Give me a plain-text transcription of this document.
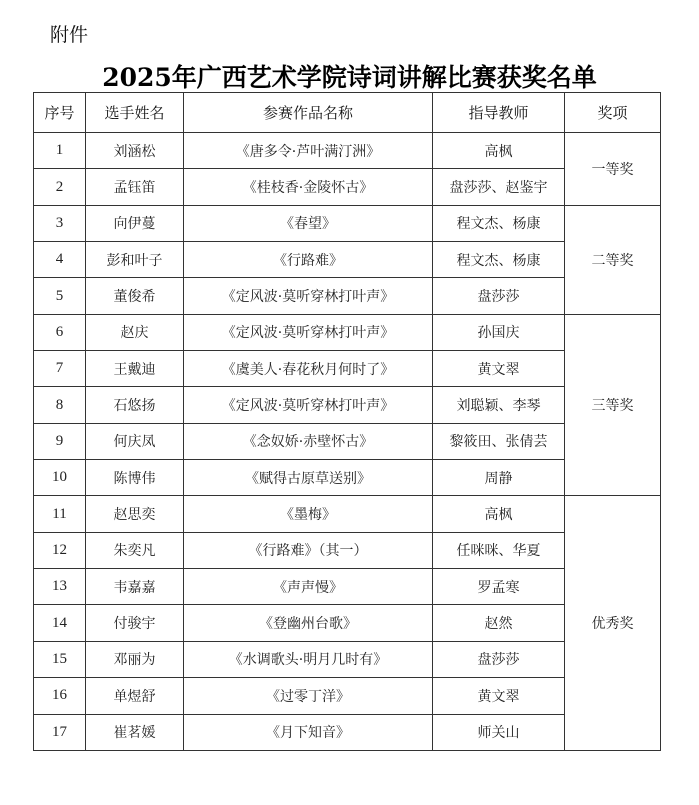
附件
2025年广西艺术学院诗词讲解比赛获奖名单
序号	选手姓名	参赛作品名称	指导教师	奖项
1	刘涵松	《唐多令·芦叶满汀洲》	高枫	一等奖
2	孟钰笛	《桂枝香·金陵怀古》	盘莎莎、赵鉴宇	
3	向伊蔓	《春望》	程文杰、杨康	二等奖
4	彭和叶子	《行路难》	程文杰、杨康	
5	董俊希	《定风波·莫听穿林打叶声》	盘莎莎	
6	赵庆	《定风波·莫听穿林打叶声》	孙国庆	三等奖
7	王戴迪	《虞美人·春花秋月何时了》	黄文翠	
8	石悠扬	《定风波·莫听穿林打叶声》	刘聪颖、李琴	
9	何庆凤	《念奴娇·赤壁怀古》	黎筱田、张倩芸	
10	陈博伟	《赋得古原草送别》	周静	
11	赵思奕	《墨梅》	高枫	优秀奖
12	朱奕凡	《行路难》（其一）	任咪咪、华夏	
13	韦嘉嘉	《声声慢》	罗孟寒	
14	付骏宇	《登幽州台歌》	赵然	
15	邓丽为	《水调歌头·明月几时有》	盘莎莎	
16	单煜舒	《过零丁洋》	黄文翠	
17	崔茗媛	《月下知音》	师关山	
